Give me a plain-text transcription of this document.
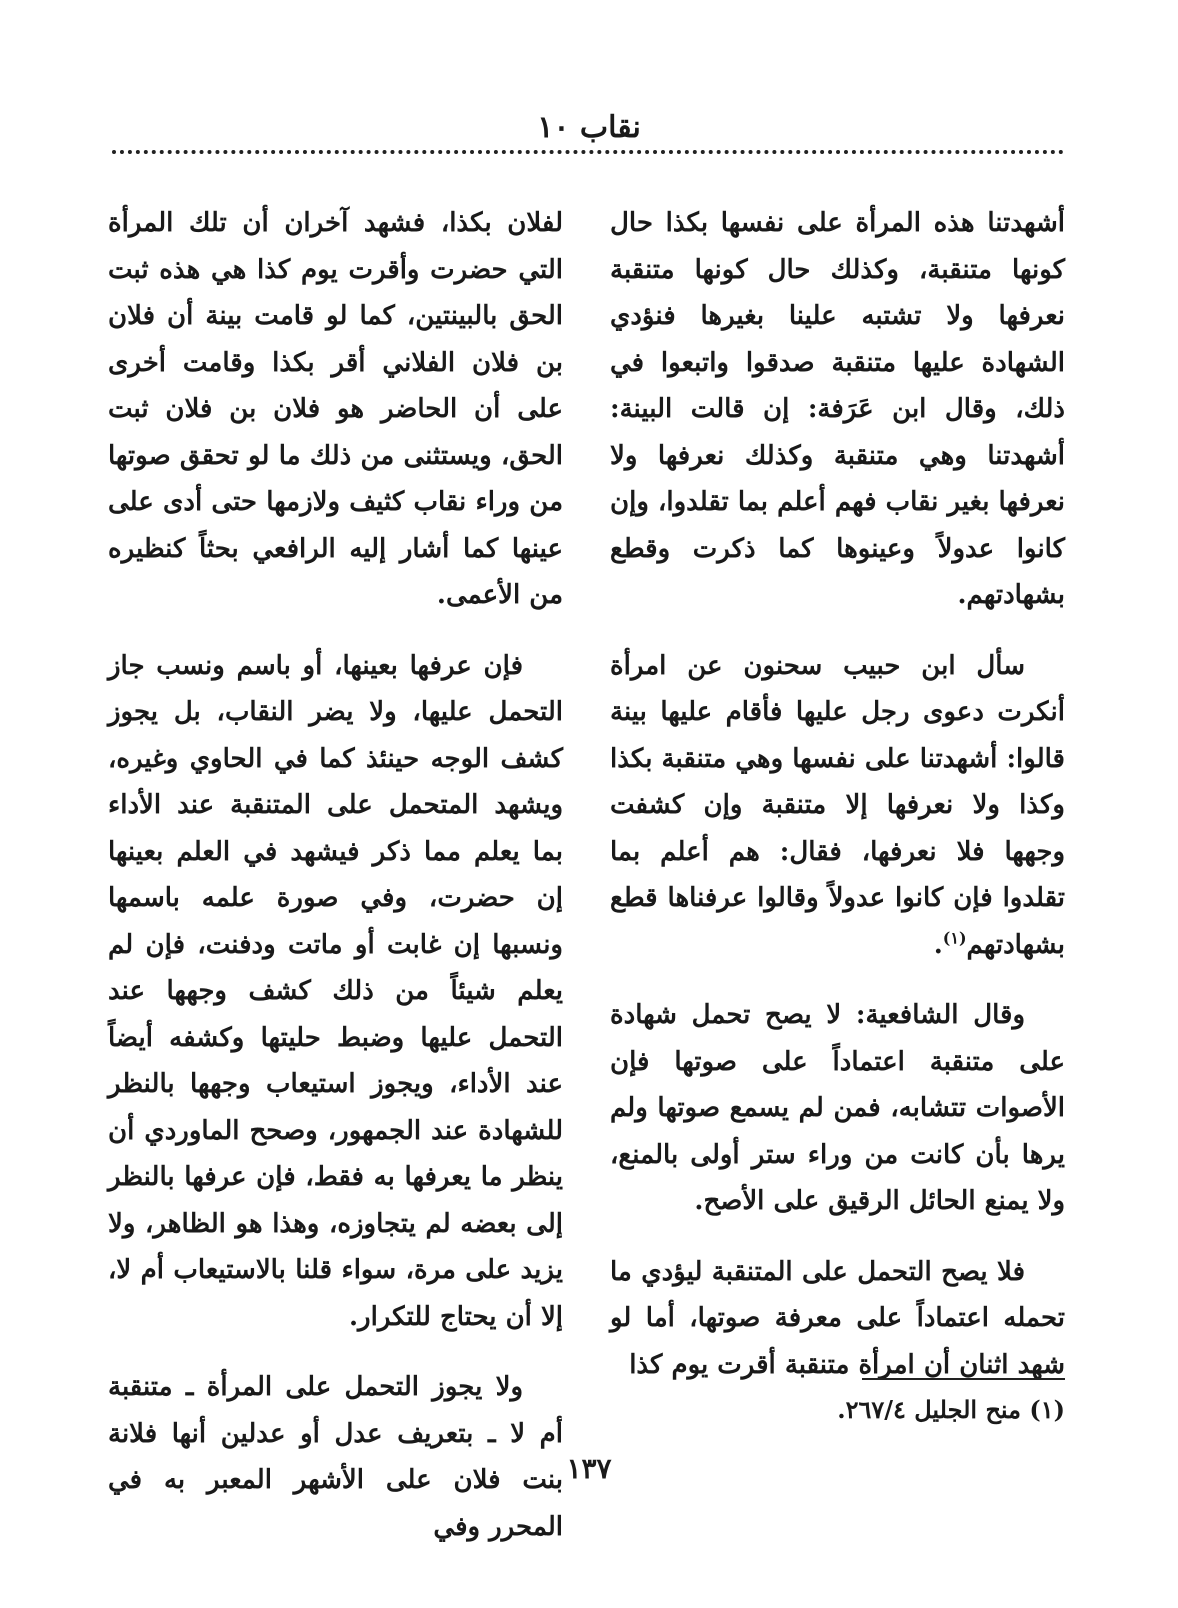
نقاب ١٠

أشهدتنا هذه المرأة على نفسها بكذا حال كونها متنقبة، وكذلك حال كونها متنقبة نعرفها ولا تشتبه علينا بغيرها فنؤدي الشهادة عليها متنقبة صدقوا واتبعوا في ذلك، وقال ابن عَرَفة: إن قالت البينة: أشهدتنا وهي متنقبة وكذلك نعرفها ولا نعرفها بغير نقاب فهم أعلم بما تقلدوا، وإن كانوا عدولاً وعينوها كما ذكرت وقطع بشهادتهم.

سأل ابن حبيب سحنون عن امرأة أنكرت دعوى رجل عليها فأقام عليها بينة قالوا: أشهدتنا على نفسها وهي متنقبة بكذا وكذا ولا نعرفها إلا متنقبة وإن كشفت وجهها فلا نعرفها، فقال: هم أعلم بما تقلدوا فإن كانوا عدولاً وقالوا عرفناها قطع بشهادتهم$^{(١)}$.

وقال الشافعية: لا يصح تحمل شهادة على متنقبة اعتماداً على صوتها فإن الأصوات تتشابه، فمن لم يسمع صوتها ولم يرها بأن كانت من وراء ستر أولى بالمنع، ولا يمنع الحائل الرقيق على الأصح.

فلا يصح التحمل على المتنقبة ليؤدي ما تحمله اعتماداً على معرفة صوتها، أما لو شهد اثنان أن امرأة متنقبة أقرت يوم كذا

لفلان بكذا، فشهد آخران أن تلك المرأة التي حضرت وأقرت يوم كذا هي هذه ثبت الحق بالبينتين، كما لو قامت بينة أن فلان بن فلان الفلاني أقر بكذا وقامت أخرى على أن الحاضر هو فلان بن فلان ثبت الحق، ويستثنى من ذلك ما لو تحقق صوتها من وراء نقاب كثيف ولازمها حتى أدى على عينها كما أشار إليه الرافعي بحثاً كنظيره من الأعمى.

فإن عرفها بعينها، أو باسم ونسب جاز التحمل عليها، ولا يضر النقاب، بل يجوز كشف الوجه حينئذ كما في الحاوي وغيره، ويشهد المتحمل على المتنقبة عند الأداء بما يعلم مما ذكر فيشهد في العلم بعينها إن حضرت، وفي صورة علمه باسمها ونسبها إن غابت أو ماتت ودفنت، فإن لم يعلم شيئاً من ذلك كشف وجهها عند التحمل عليها وضبط حليتها وكشفه أيضاً عند الأداء، ويجوز استيعاب وجهها بالنظر للشهادة عند الجمهور، وصحح الماوردي أن ينظر ما يعرفها به فقط، فإن عرفها بالنظر إلى بعضه لم يتجاوزه، وهذا هو الظاهر، ولا يزيد على مرة، سواء قلنا بالاستيعاب أم لا، إلا أن يحتاج للتكرار.

ولا يجوز التحمل على المرأة ـ متنقبة أم لا ـ بتعريف عدل أو عدلين أنها فلانة بنت فلان على الأشهر المعبر به في المحرر وفي

(١) منح الجليل ٢٦٧/٤.
١٣٧
